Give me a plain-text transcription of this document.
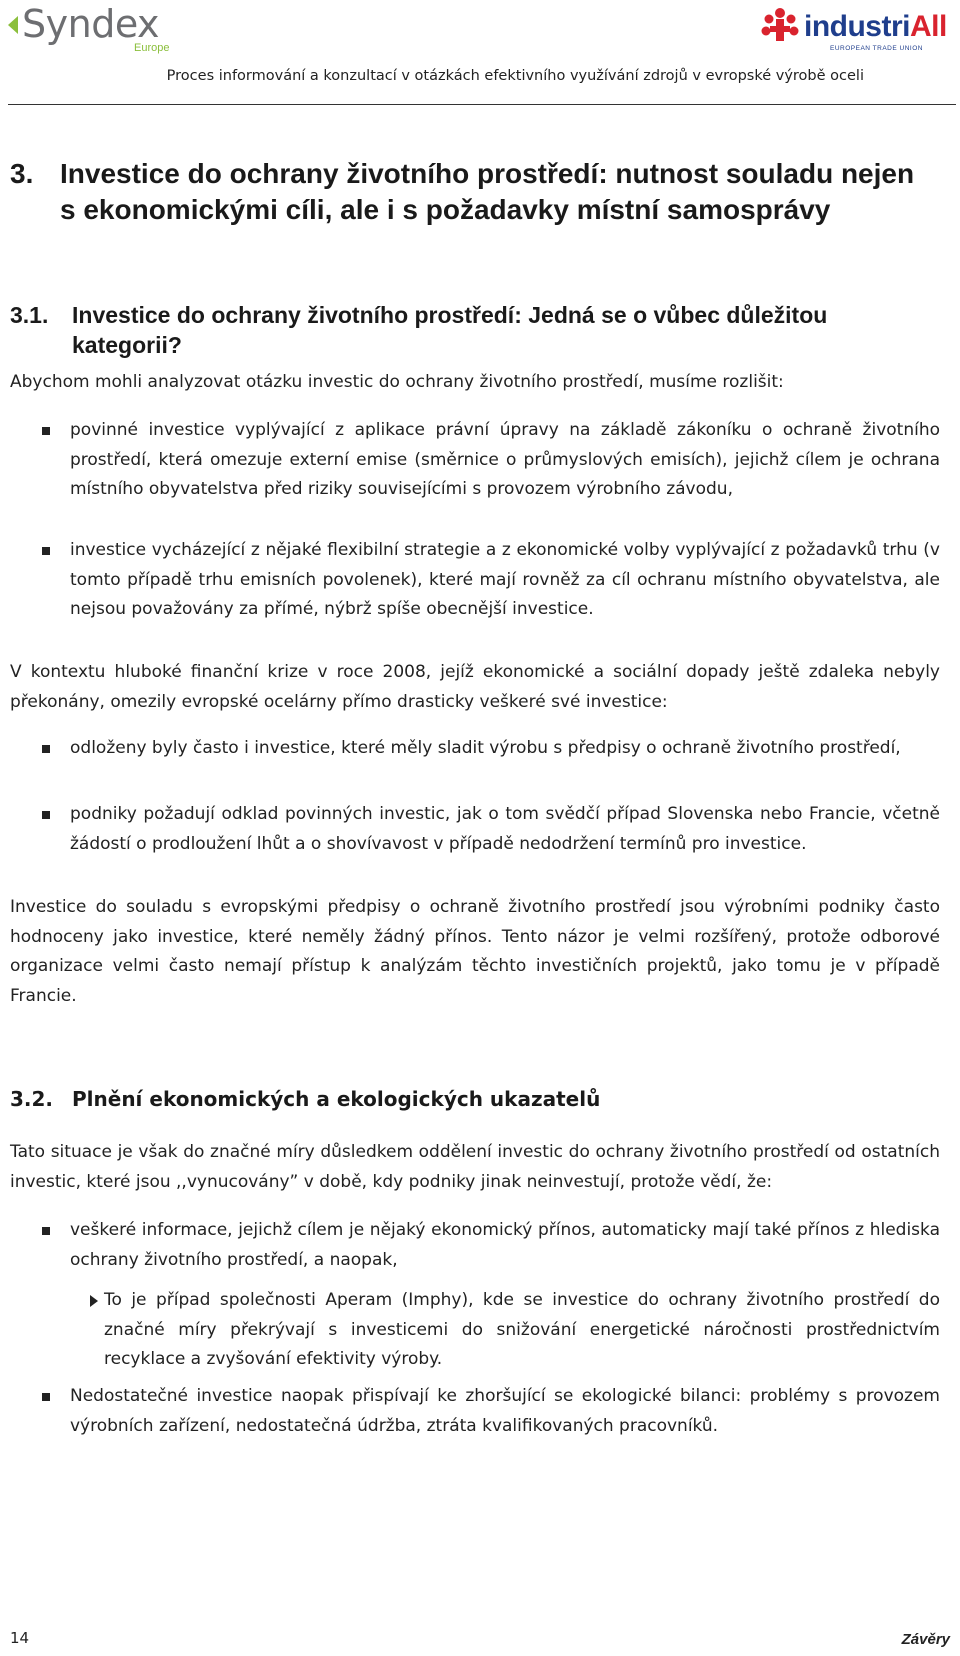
Syndex
Europe
industriAll
EUROPEAN TRADE UNION
Proces informování a konzultací v otázkách efektivního využívání zdrojů v evropské výrobě oceli
3. Investice do ochrany životního prostředí: nutnost souladu nejen s ekonomickými cíli, ale i s požadavky místní samosprávy
3.1. Investice do ochrany životního prostředí: Jedná se o vůbec důležitou kategorii?

Abychom mohli analyzovat otázku investic do ochrany životního prostředí, musíme rozlišit:

povinné investice vyplývající z aplikace právní úpravy na základě zákoníku o ochraně životního prostředí, která omezuje externí emise (směrnice o průmyslových emisích), jejichž cílem je ochrana místního obyvatelstva před riziky souvisejícími s provozem výrobního závodu,
investice vycházející z nějaké flexibilní strategie a z ekonomické volby vyplývající z požadavků trhu (v tomto případě trhu emisních povolenek), které mají rovněž za cíl ochranu místního obyvatelstva, ale nejsou považovány za přímé, nýbrž spíše obecnější investice.

V kontextu hluboké finanční krize v roce 2008, jejíž ekonomické a sociální dopady ještě zdaleka nebyly překonány, omezily evropské ocelárny přímo drasticky veškeré své investice:

odloženy byly často i investice, které měly sladit výrobu s předpisy o ochraně životního prostředí,
podniky požadují odklad povinných investic, jak o tom svědčí případ Slovenska nebo Francie, včetně žádostí o prodloužení lhůt a o shovívavost v případě nedodržení termínů pro investice.

Investice do souladu s evropskými předpisy o ochraně životního prostředí jsou výrobními podniky často hodnoceny jako investice, které neměly žádný přínos. Tento názor je velmi rozšířený, protože odborové organizace velmi často nemají přístup k analýzám těchto investičních projektů, jako tomu je v případě Francie.

3.2. Plnění ekonomických a ekologických ukazatelů

Tato situace je však do značné míry důsledkem oddělení investic do ochrany životního prostředí od ostatních investic, které jsou ,,vynucovány” v době, kdy podniky jinak neinvestují, protože vědí, že:

veškeré informace, jejichž cílem je nějaký ekonomický přínos, automaticky mají také přínos z hlediska ochrany životního prostředí, a naopak,
To je případ společnosti Aperam (Imphy), kde se investice do ochrany životního prostředí do značné míry překrývají s investicemi do snižování energetické náročnosti prostřednictvím recyklace a zvyšování efektivity výroby.
Nedostatečné investice naopak přispívají ke zhoršující se ekologické bilanci: problémy s provozem výrobních zařízení, nedostatečná údržba, ztráta kvalifikovaných pracovníků.
14	Závěry
